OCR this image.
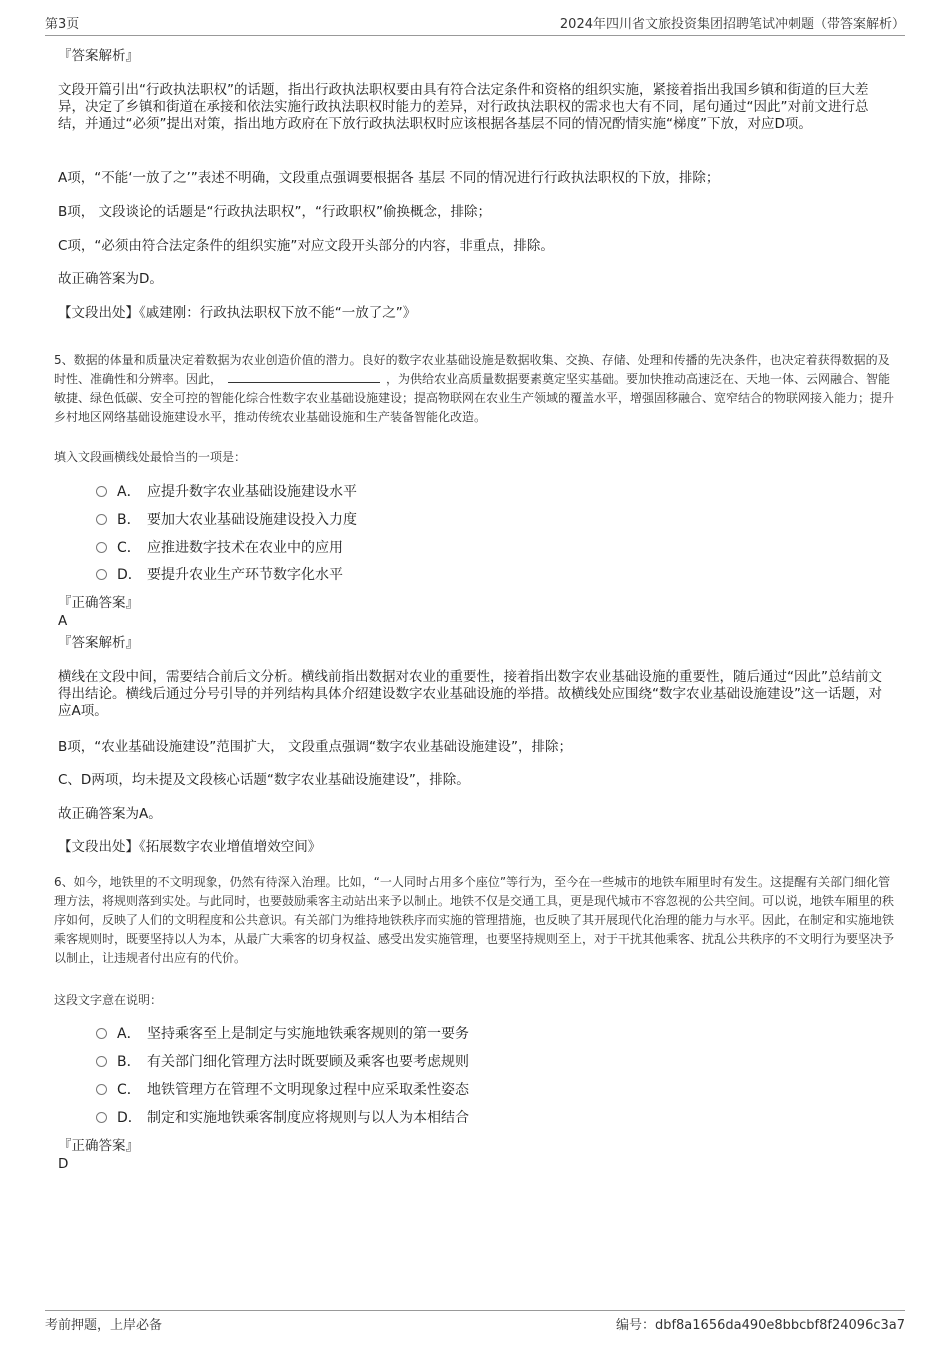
第3页	2024年四川省文旅投资集团招聘笔试冲刺题（带答案解析）

『答案解析』

文段开篇引出“行政执法职权”的话题，指出行政执法职权要由具有符合法定条件和资格的组织实施，紧接着指出我国乡镇和街道的巨大差异，决定了乡镇和街道在承接和依法实施行政执法职权时能力的差异，对行政执法职权的需求也大有不同，尾句通过“因此”对前文进行总结，并通过“必须”提出对策，指出地方政府在下放行政执法职权时应该根据各基层不同的情况酌情实施“梯度”下放，对应D项。

A项，“不能‘一放了之’”表述不明确，文段重点强调要根据各 基层 不同的情况进行行政执法职权的下放，排除；

B项， 文段谈论的话题是“行政执法职权”，“行政职权”偷换概念，排除；

C项，“必须由符合法定条件的组织实施”对应文段开头部分的内容，非重点，排除。

故正确答案为D。

【文段出处】《戚建刚：行政执法职权下放不能“一放了之”》

5、数据的体量和质量决定着数据为农业创造价值的潜力。良好的数字农业基础设施是数据收集、交换、存储、处理和传播的先决条件，也决定着获得数据的及时性、准确性和分辨率。因此，	，为供给农业高质量数据要素奠定坚实基础。要加快推动高速泛在、天地一体、云网融合、智能敏捷、绿色低碳、安全可控的智能化综合性数字农业基础设施建设；提高物联网在农业生产领域的覆盖水平，增强固移融合、宽窄结合的物联网接入能力；提升乡村地区网络基础设施建设水平，推动传统农业基础设施和生产装备智能化改造。

填入文段画横线处最恰当的一项是：
A． 应提升数字农业基础设施建设水平
B． 要加大农业基础设施建设投入力度
C． 应推进数字技术在农业中的应用
D． 要提升农业生产环节数字化水平

『正确答案』

A

『答案解析』

横线在文段中间，需要结合前后文分析。横线前指出数据对农业的重要性，接着指出数字农业基础设施的重要性，随后通过“因此”总结前文得出结论。横线后通过分号引导的并列结构具体介绍建设数字农业基础设施的举措。故横线处应围绕“数字农业基础设施建设”这一话题，对应A项。

B项，“农业基础设施建设”范围扩大， 文段重点强调“数字农业基础设施建设”，排除；

C、D两项，均未提及文段核心话题“数字农业基础设施建设”，排除。

故正确答案为A。

【文段出处】《拓展数字农业增值增效空间》

6、如今，地铁里的不文明现象，仍然有待深入治理。比如，“一人同时占用多个座位”等行为，至今在一些城市的地铁车厢里时有发生。这提醒有关部门细化管理方法，将规则落到实处。与此同时，也要鼓励乘客主动站出来予以制止。地铁不仅是交通工具，更是现代城市不容忽视的公共空间。可以说，地铁车厢里的秩序如何，反映了人们的文明程度和公共意识。有关部门为维持地铁秩序而实施的管理措施，也反映了其开展现代化治理的能力与水平。因此，在制定和实施地铁乘客规则时，既要坚持以人为本，从最广大乘客的切身权益、感受出发实施管理，也要坚持规则至上，对于干扰其他乘客、扰乱公共秩序的不文明行为要坚决予以制止，让违规者付出应有的代价。

这段文字意在说明：
A． 坚持乘客至上是制定与实施地铁乘客规则的第一要务
B． 有关部门细化管理方法时既要顾及乘客也要考虑规则
C． 地铁管理方在管理不文明现象过程中应采取柔性姿态
D． 制定和实施地铁乘客制度应将规则与以人为本相结合

『正确答案』

D

考前押题，上岸必备	编号：dbf8a1656da490e8bbcbf8f24096c3a7
